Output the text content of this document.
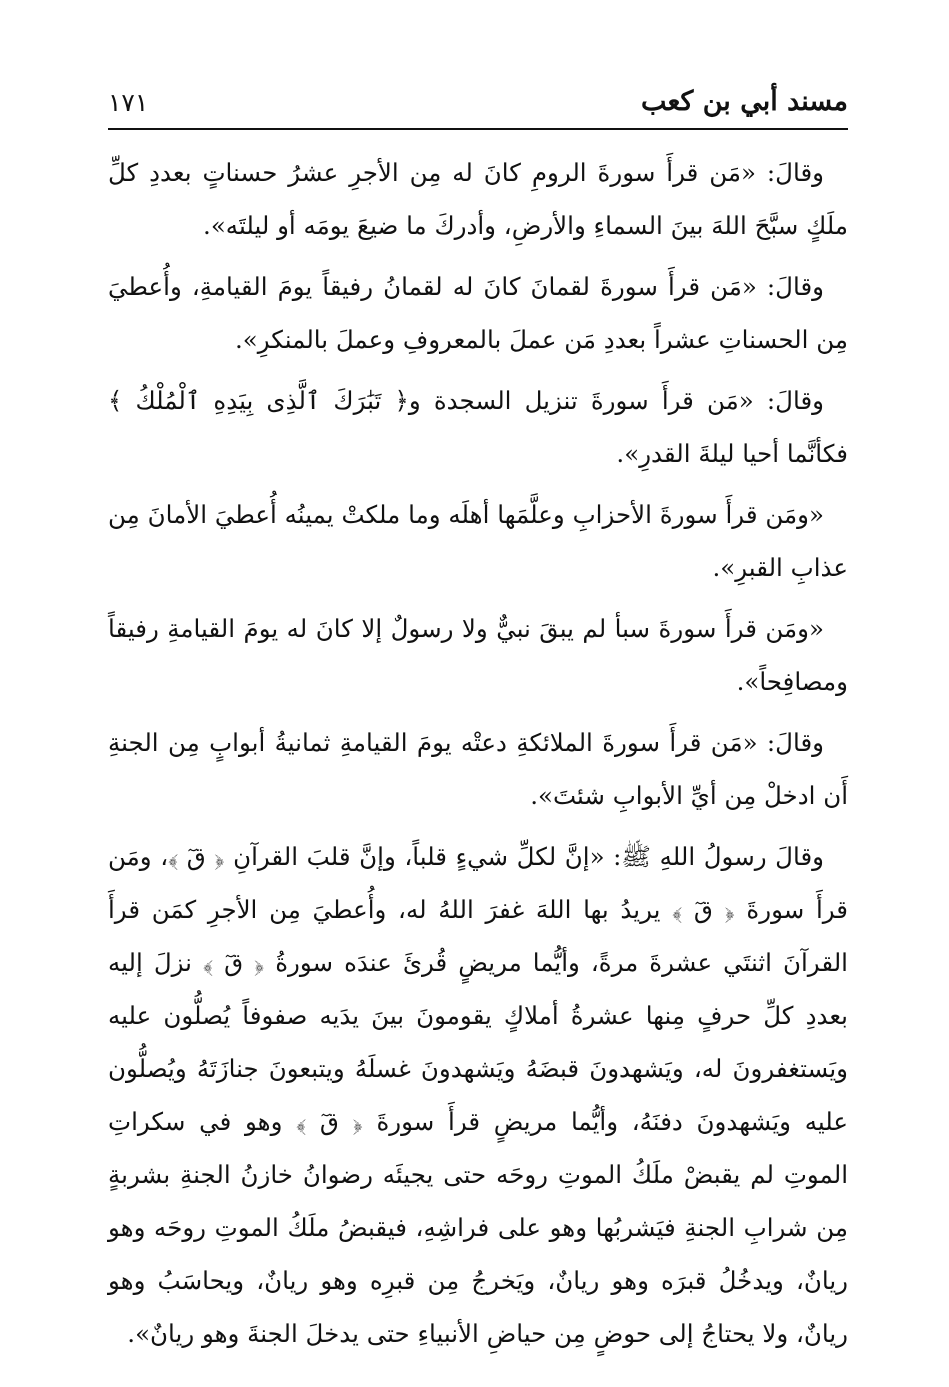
مسند أبي بن كعب
١٧١

وقالَ: «مَن قرأَ سورةَ الرومِ كانَ له مِن الأجرِ عشرُ حسناتٍ بعددِ كلِّ ملَكٍ سبَّحَ اللهَ بينَ السماءِ والأرضِ، وأدركَ ما ضيعَ يومَه أو ليلتَه».

وقالَ: «مَن قرأَ سورةَ لقمانَ كانَ له لقمانُ رفيقاً يومَ القيامةِ، وأُعطيَ مِن الحسناتِ عشراً بعددِ مَن عملَ بالمعروفِ وعملَ بالمنكرِ».

وقالَ: «مَن قرأَ سورةَ تنزيل السجدة و﴿ تَبَٰرَكَ ٱلَّذِى بِيَدِهِ ٱلْمُلْكُ ﴾ فكأنَّما أحيا ليلةَ القدرِ».

«ومَن قرأَ سورةَ الأحزابِ وعلَّمَها أهلَه وما ملكتْ يمينُه أُعطيَ الأمانَ مِن عذابِ القبرِ».

«ومَن قرأَ سورةَ سبأ لم يبقَ نبيٌّ ولا رسولٌ إلا كانَ له يومَ القيامةِ رفيقاً ومصافِحاً».

وقالَ: «مَن قرأَ سورةَ الملائكةِ دعتْه يومَ القيامةِ ثمانيةُ أبوابٍ مِن الجنةِ أَن ادخلْ مِن أيِّ الأبوابِ شئتَ».

وقالَ رسولُ اللهِ ﷺ: «إنَّ لكلِّ شيءٍ قلباً، وإنَّ قلبَ القرآنِ ﴿ قٓ ﴾، ومَن قرأَ سورةَ ﴿ قٓ ﴾ يريدُ بها اللهَ غفرَ اللهُ له، وأُعطيَ مِن الأجرِ كمَن قرأَ القرآنَ اثنتَي عشرةَ مرةً، وأيُّما مريضٍ قُرئَ عندَه سورةُ ﴿ قٓ ﴾ نزلَ إليه بعددِ كلِّ حرفٍ مِنها عشرةُ أملاكٍ يقومونَ بينَ يدَيه صفوفاً يُصلُّون عليه ويَستغفرونَ له، ويَشهدونَ قبضَهُ ويَشهدونَ غسلَهُ ويتبعونَ جنازَتَهُ ويُصلُّون عليه ويَشهدونَ دفنَهُ، وأيُّما مريضٍ قرأَ سورةَ ﴿ قٓ ﴾ وهو في سكراتِ الموتِ لم يقبضْ ملَكُ الموتِ روحَه حتى يجيئَه رضوانُ خازنُ الجنةِ بشربةٍ مِن شرابِ الجنةِ فيَشربُها وهو على فراشِهِ، فيقبضُ ملَكُ الموتِ روحَه وهو ريانٌ، ويدخُلُ قبرَه وهو ريانٌ، ويَخرجُ مِن قبرِه وهو ريانٌ، ويحاسَبُ وهو ريانٌ، ولا يحتاجُ إلى حوضٍ مِن حياضِ الأنبياءِ حتى يدخلَ الجنةَ وهو ريانٌ».
